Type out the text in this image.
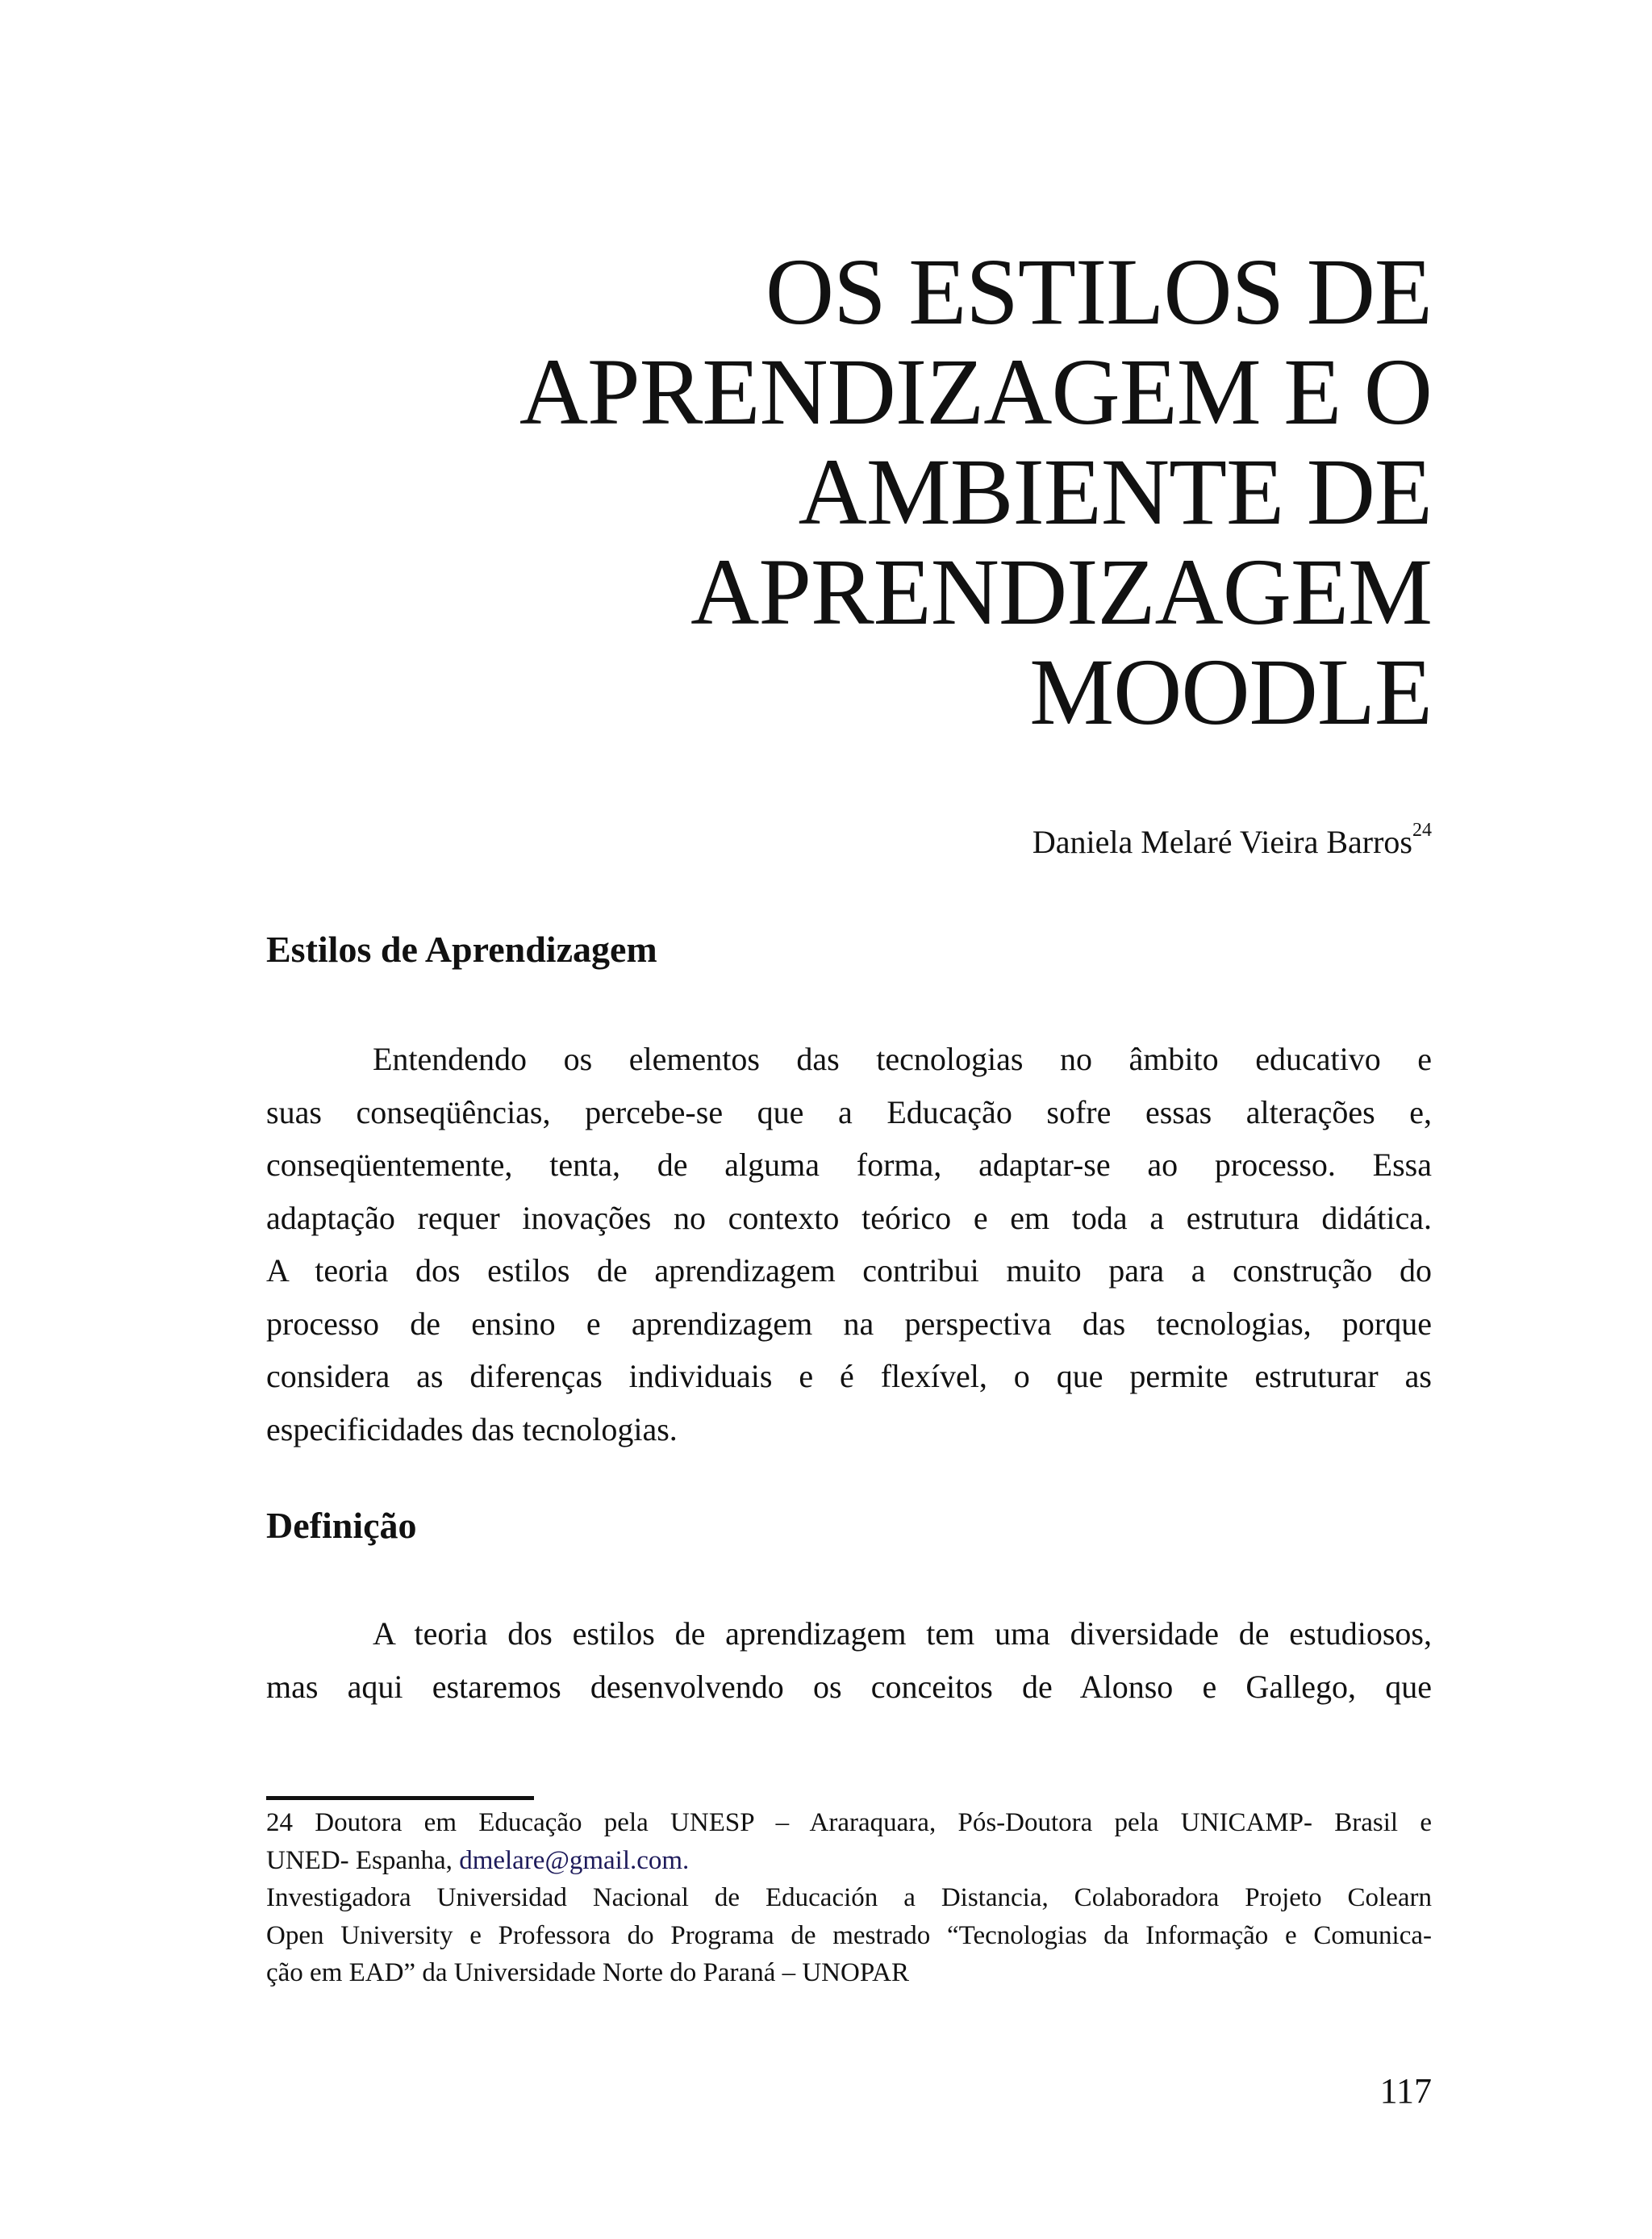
OS ESTILOS DE
APRENDIZAGEM E O
AMBIENTE DE
APRENDIZAGEM
MOODLE
Daniela Melaré Vieira Barros$^{24}$
Estilos de Aprendizagem
Entendendo os elementos das tecnologias no âmbito educativo e
suas conseqüências, percebe-se que a Educação sofre essas alterações e,
conseqüentemente, tenta, de alguma forma, adaptar-se ao processo. Essa
adaptação requer inovações no contexto teórico e em toda a estrutura didática.
A teoria dos estilos de aprendizagem contribui muito para a construção do
processo de ensino e aprendizagem na perspectiva das tecnologias, porque
considera as diferenças individuais e é flexível, o que permite estruturar as
especificidades das tecnologias.
Definição
A teoria dos estilos de aprendizagem tem uma diversidade de estudiosos,
mas aqui estaremos desenvolvendo os conceitos de Alonso e Gallego, que
24 Doutora em Educação pela UNESP – Araraquara, Pós-Doutora pela UNICAMP- Brasil e
UNED- Espanha, dmelare@gmail.com.
Investigadora Universidad Nacional de Educación a Distancia, Colaboradora Projeto Colearn
Open University e Professora do Programa de mestrado “Tecnologias da Informação e Comunica-
ção em EAD” da Universidade Norte do Paraná – UNOPAR
117
